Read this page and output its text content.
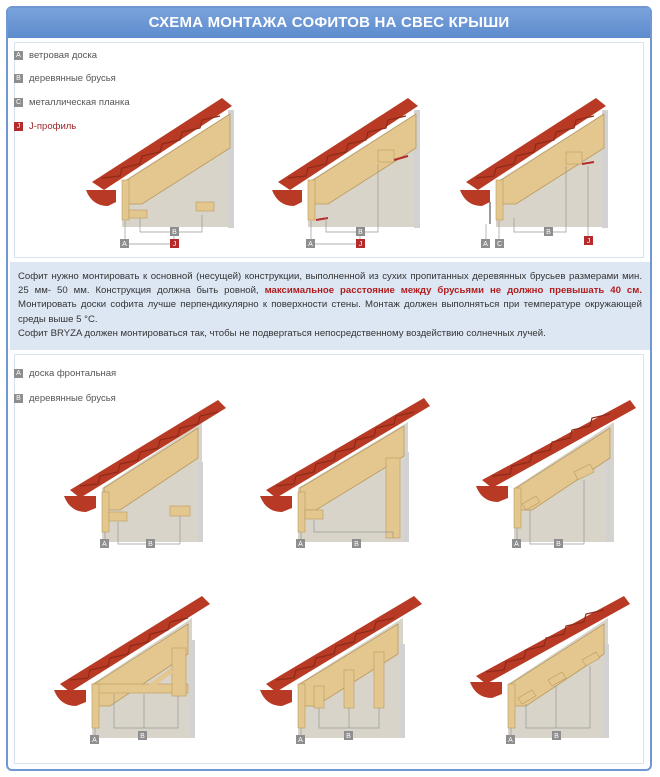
СХЕМА МОНТАЖА СОФИТОВ НА СВЕС КРЫШИ
A ветровая доска
B деревянные брусья
C металлическая планка
J J-профиль
A
B
J	A
B
J	A C
B
J
Софит нужно монтировать к основной (несущей) конструкции, выполненной из сухих пропитанных деревянных брусьев размерами мин. 25 мм- 50 мм. Конструкция должна быть ровной, максимальное расстояние между брусьями не должно превышать 40 см. Монтировать доски софита лучше перпендикулярно к поверхности стены. Монтаж должен выполняться при температуре окружающей среды выше 5 °C.
Софит BRYZA должен монтироваться так, чтобы не подвергаться непосредственному воздействию солнечных лучей.
A доска фронтальная
B деревянные брусья
A	B	A	B	A	B
A
B
A
B
A
B
